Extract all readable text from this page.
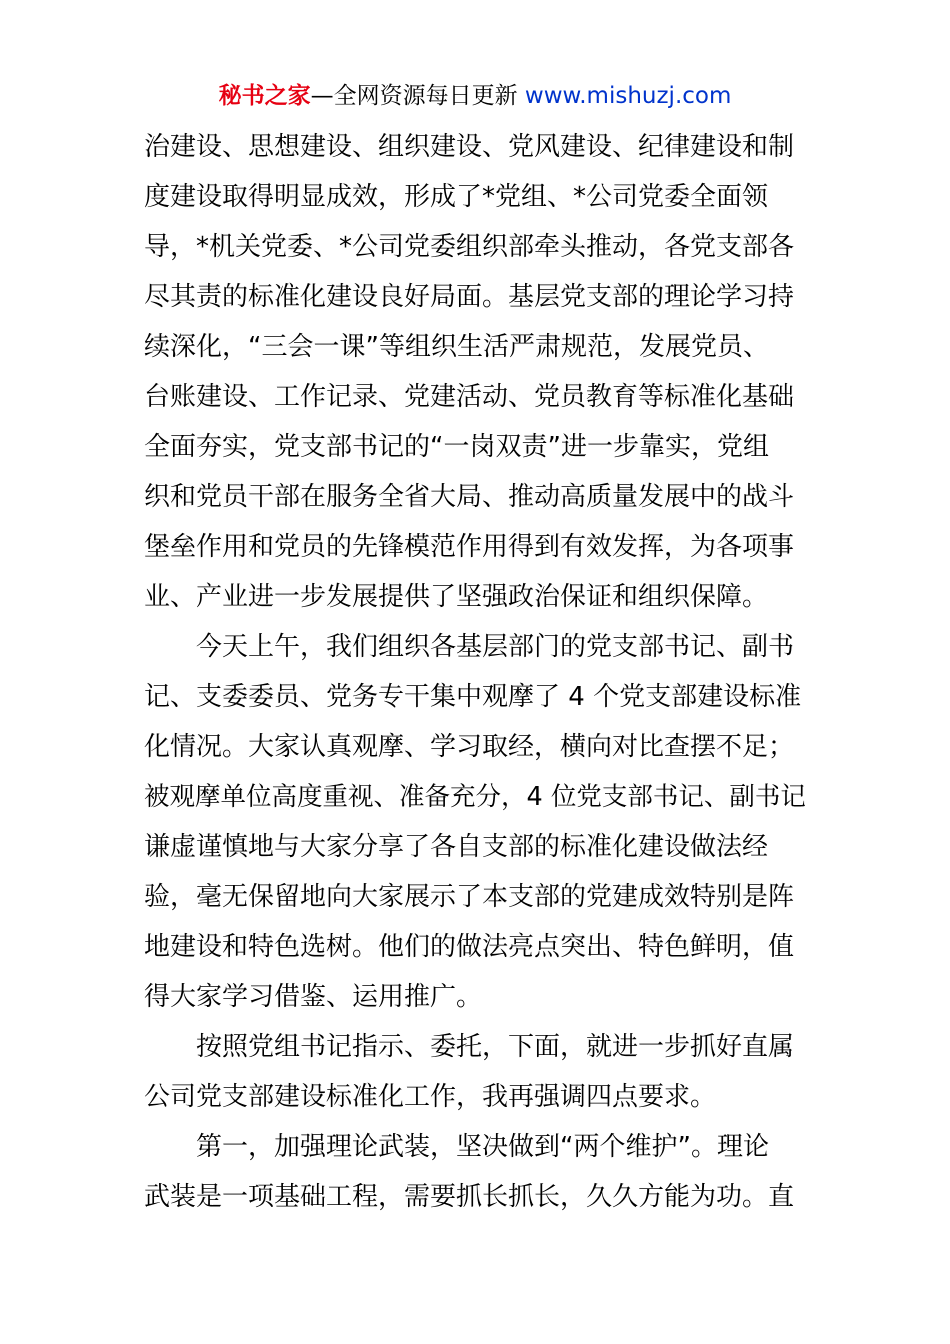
秘书之家—全网资源每日更新 www.mishuzj.com
治建设、思想建设、组织建设、党风建设、纪律建设和制
度建设取得明显成效，形成了*党组、*公司党委全面领
导，*机关党委、*公司党委组织部牵头推动，各党支部各
尽其责的标准化建设良好局面。基层党支部的理论学习持
续深化，“三会一课”等组织生活严肃规范，发展党员、
台账建设、工作记录、党建活动、党员教育等标准化基础
全面夯实，党支部书记的“一岗双责”进一步靠实，党组
织和党员干部在服务全省大局、推动高质量发展中的战斗
堡垒作用和党员的先锋模范作用得到有效发挥，为各项事
业、产业进一步发展提供了坚强政治保证和组织保障。
今天上午，我们组织各基层部门的党支部书记、副书
记、支委委员、党务专干集中观摩了 4 个党支部建设标准
化情况。大家认真观摩、学习取经，横向对比查摆不足；
被观摩单位高度重视、准备充分，4 位党支部书记、副书记
谦虚谨慎地与大家分享了各自支部的标准化建设做法经
验，毫无保留地向大家展示了本支部的党建成效特别是阵
地建设和特色选树。他们的做法亮点突出、特色鲜明，值
得大家学习借鉴、运用推广。
按照党组书记指示、委托，下面，就进一步抓好直属
公司党支部建设标准化工作，我再强调四点要求。
第一，加强理论武装，坚决做到“两个维护”。理论
武装是一项基础工程，需要抓长抓长，久久方能为功。直
